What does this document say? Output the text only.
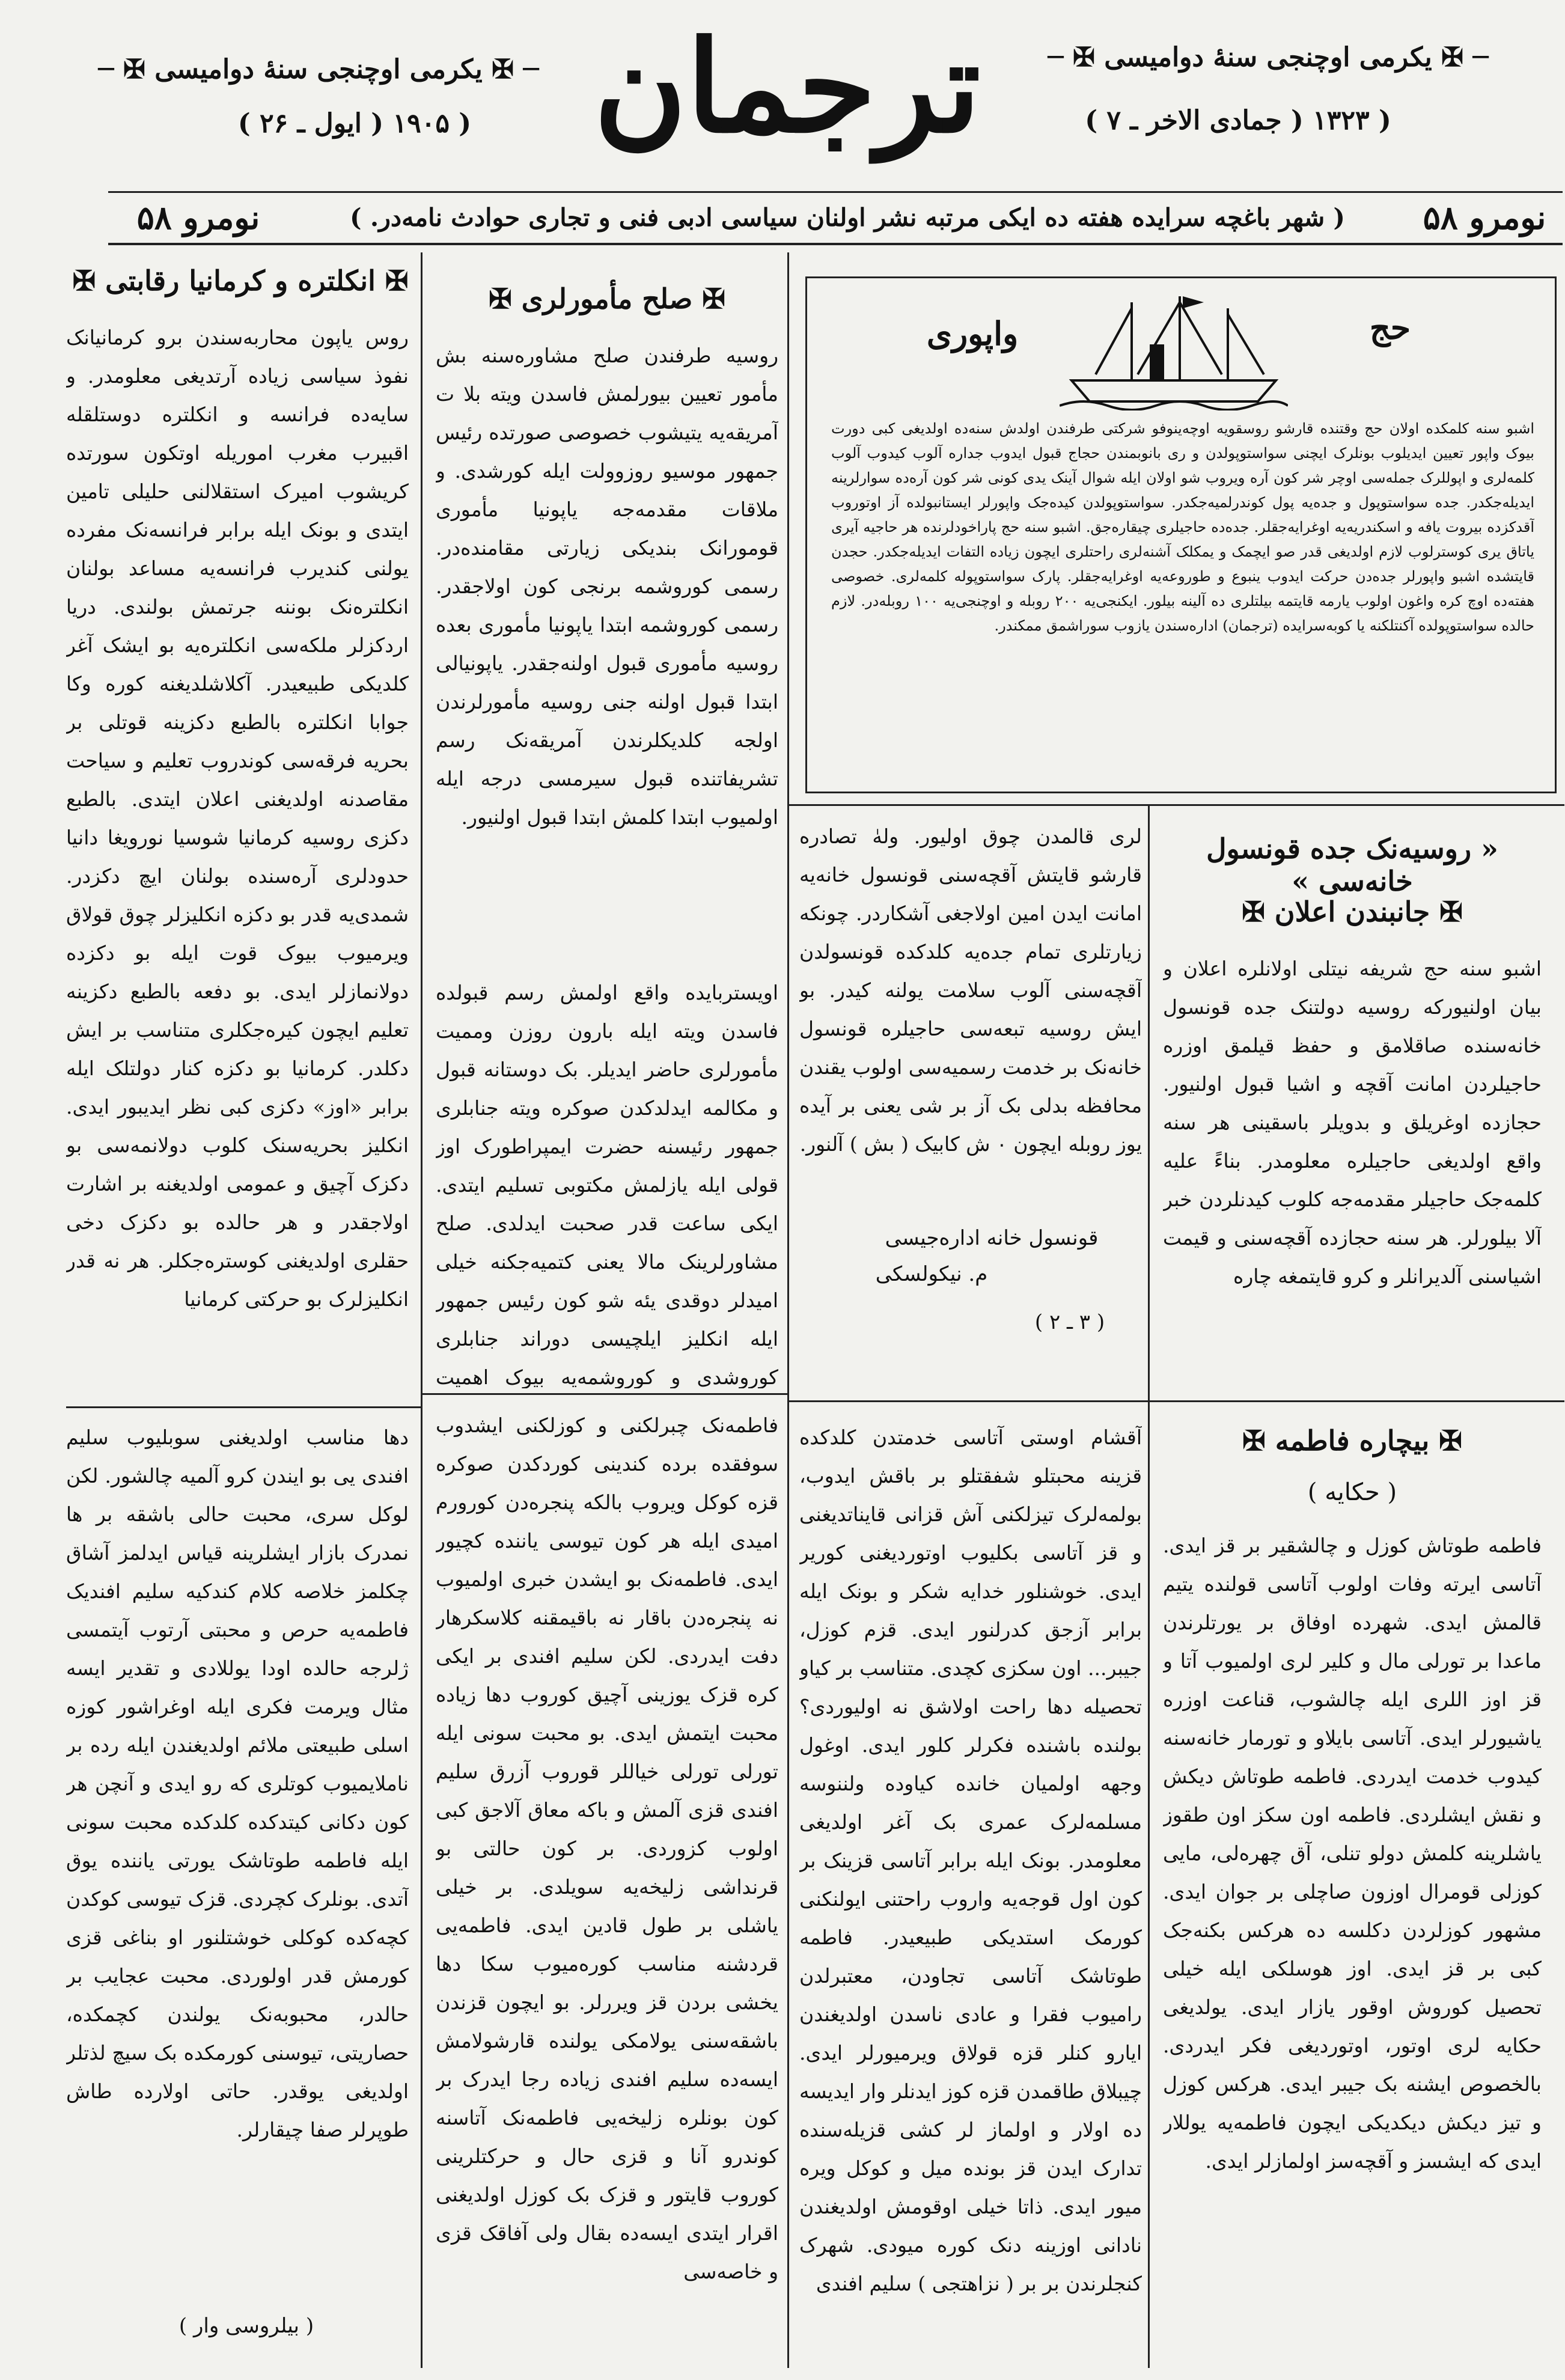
─ ✠ یکرمی اوچنجی سنهٔ دوامیسی ✠ ─	─ ✠ یکرمی اوچنجی سنهٔ دوامیسی ✠ ─
( ۱۹۰۵ ( ایول ـ ۲۶ )	( ۱۳۲۳ ( جمادی الاخر ـ ۷ )
ترجمان
نومرو ۵۸
( شهر باغچه سرایده هفته ده ایکی مرتبه نشر اولنان سیاسی ادبی فنی و تجاری حوادث نامه‌در. )
نومرو ۵۸
✠ انکلتره و کرمانیا رقابتی ✠
روس یاپون محاربه‌سندن برو کرمانیانک نفوذ سیاسی زیاده آرتدیغی معلومدر. و سایه‌ده فرانسه و انکلتره دوستلقله اقبیرب مغرب اموریله اوتکون سورتده کریشوب امیرک استقلالنی حلیلی تامین ایتدی و بونک ایله برابر فرانسه‌نک مفرده یولنی کندیرب فرانسه‌یه مساعد بولنان انکلتره‌نک بوننه جرتمش بولندی. دریا اردکزلر ملکه‌سی انکلتره‌یه بو ایشک آغر کلدیکی طبیعیدر. آکلاشلدیغنه کوره وکا جوابا انکلتره بالطبع دکزینه قوتلی بر بحریه فرقه‌سی کوندروب تعلیم و سیاحت مقاصدنه اولدیغنی اعلان ایتدی. بالطبع دکزی روسیه کرمانیا شوسیا نورویغا دانیا حدودلری آره‌سنده بولنان ایچ دکزدر. شمدی‌یه قدر بو دکزه انکلیزلر چوق قولاق ویرمیوب بیوک قوت ایله بو دکزده دولانمازلر ایدی. بو دفعه بالطبع دکزینه تعلیم ایچون کیره‌جکلری متناسب بر ایش دکلدر. کرمانیا بو دکزه کنار دولتلک ایله برابر «اوز» دکزی کبی نظر ایدیبور ایدی. انکلیز بحریه‌سنک کلوب دولانمه‌سی بو دکزک آچیق و عمومی اولدیغنه بر اشارت اولاجقدر و هر حالده بو دکزک دخی حقلری اولدیغنی کوستره‌جکلر. هر نه قدر انکلیزلرک بو حرکتی کرمانیا
دها مناسب اولدیغنی سوبلیوب سلیم افندی یی بو ایندن کرو آلمیه چالشور. لکن لوکل سری، محبت حالی باشقه بر ها نمدرک بازار ایشلرینه قیاس ایدلمز آشاق چکلمز خلاصه کلام کندکیه سلیم افندیک فاطمه‌یه حرص و محبتی آرتوب آیتمسی ژلرجه حالده اودا یوللادی و تقدیر ایسه مثال ویرمت فکری ایله اوغراشور کوزه اسلی طبیعتی ملائم اولدیغندن ایله رده بر ناملایمیوب کوتلری که رو ایدی و آنچن هر کون دکانی کیتدکده کلدکده محبت سونی ایله فاطمه طوتاشک یورتی یاننده یوق آتدی. بونلرک کچردی. قزک تیوسی کوکدن کچه‌کده کوکلی خوشتلنور او بناغی قزی کورمش قدر اولوردی. محبت عجایب بر حالدر، محبوبه‌نک یولندن کچمکده، حصاریتی، تیوسنی کورمکده بک سیچ لذتلر اولدیغی یوقدر. حاتی اولارده طاش طوپرلر صفا چیقارلر.
( بیلروسی وار )
✠ صلح مأمورلری ✠
روسیه طرفندن صلح مشاوره‌سنه بش مأمور تعیین بیورلمش فاسدن ویته بلا ت آمریقه‌یه یتیشوب خصوصی صورتده رئیس جمهور موسیو روزوولت ایله کورشدی. و ملاقات مقدمه‌جه یاپونیا مأموری قومورانک بندیکی زیارتی مقامنده‌در. رسمی کوروشمه برنجی کون اولاجقدر. رسمی کوروشمه ابتدا یاپونیا مأموری بعده روسیه مأموری قبول اولنه‌جقدر. یاپونیالی ابتدا قبول اولنه جنی روسیه مأمورلرندن اولجه کلدیکلرندن آمریقه‌نک رسم تشریفاتنده قبول سیرمسی درجه ایله اولمیوب ابتدا کلمش ابتدا قبول اولنیور.
اویستربایده واقع اولمش رسم قبولده فاسدن ویته ایله بارون روزن وممیت مأمورلری حاضر ایدیلر. بک دوستانه قبول و مکالمه ایدلدکدن صوکره ویته جنابلری جمهور رئیسنه حضرت ایمپراطورک اوز قولی ایله یازلمش مکتوبی تسلیم ایتدی. ایکی ساعت قدر صحبت ایدلدی. صلح مشاورلرینک مالا یعنی کتمیه‌جکنه خیلی امیدلر دوقدی یئه شو کون رئیس جمهور ایله انکلیز ایلچیسی دوراند جنابلری کوروشدی و کوروشمه‌یه بیوک اهمیت
فاطمه‌نک چبرلکنی و کوزلکنی ایشدوب سوفقده برده کندینی کوردکدن صوکره قزه کوکل ویروب بالکه پنجره‌دن کورورم امیدی ایله هر کون تیوسی یاننده کچیور ایدی. فاطمه‌نک بو ایشدن خبری اولمیوب نه پنجره‌دن باقار نه باقیمقنه کلاسکرهار دفت ایدردی. لکن سلیم افندی بر ایکی کره قزک یوزینی آچیق کوروب دها زیاده محبت ایتمش ایدی. بو محبت سونی ایله تورلی تورلی خیاللر قوروب آزرق سلیم افندی قزی آلمش و باکه معاق آلاجق کبی اولوب کزوردی. بر کون حالتی بو قرنداشی زلیخه‌یه سویلدی. بر خیلی یاشلی بر طول قادین ایدی. فاطمه‌یی قردشنه مناسب کوره‌میوب سکا دها یخشی بردن قز ویررلر. بو ایچون قزندن باشقه‌سنی یولامکی یولنده قارشولامش ایسه‌ده سلیم افندی زیاده رجا ایدرک بر کون بونلره زلیخه‌یی فاطمه‌نک آتاسنه کوندرو آنا و قزی حال و حرکتلرینی کوروب قایتور و قزک بک کوزل اولدیغنی اقرار ایتدی ایسه‌ده بقال ولی آفاقک قزی و خاصه‌سی
واپوری	حج
اشبو سنه کلمکده اولان حج وقتنده قارشو روسقویه اوچه‌ینوفو شرکتی طرفندن اولدش سنه‌ده اولدیغی کبی دورت بیوک واپور تعیین ایدیلوب بونلرک ایچنی سواستوپولدن و ری بانوبمندن حجاج قبول ایدوب جداره آلوب کیدوب آلوب کلمه‌لری و اپوللرک جمله‌سی اوچر شر کون آره ویروب شو اولان ایله شوال آینک یدی کونی شر کون آره‌ده سوارلرینه ایدیله‌جکدر. جده سواستوپول و جده‌یه پول کوندرلمیه‌جکدر. سواستوپولدن کیده‌جک واپورلر ایستانبولده آز اوتوروب آقدکزده بیروت یافه و اسکندریه‌یه اوغرایه‌جقلر. جده‌ده حاجیلری چیقاره‌جق. اشبو سنه حج پاراخودلرنده هر حاجیه آیری یاتاق یری کوسترلوب لازم اولدیغی قدر صو ایچمک و یمکلک آشنه‌لری راحتلری ایچون زیاده التفات ایدیله‌جکدر. حجدن قایتشده اشبو واپورلر جده‌دن حرکت ایدوب ینبوع و طوروعه‌یه اوغرایه‌جقلر. پارک سواستوپوله کلمه‌لری. خصوصی هفته‌ده اوچ کره واغون اولوب یارمه قایتمه بیلتلری ده آلینه بیلور. ایکنجی‌یه ۲۰۰ روبله و اوچنجی‌یه ۱۰۰ روبله‌در. لازم حالده سواستوپولده آکنتلکنه یا کوبه‌سرایده (ترجمان) اداره‌سندن یازوب سوراشمق ممکندر.
« روسیه‌نک جده قونسول خانه‌سی »
✠ جانبندن اعلان ✠
اشبو سنه حج شریفه نیتلی اولانلره اعلان و بیان اولنیورکه روسیه دولتنک جده قونسول خانه‌سنده صاقلامق و حفظ قیلمق اوزره حاجیلردن امانت آقچه و اشیا قبول اولنیور. حجازده اوغریلق و بدویلر باسقینی هر سنه واقع اولدیغی حاجیلره معلومدر. بناءً علیه کلمه‌جک حاجیلر مقدمه‌جه کلوب کیدنلردن خبر آلا بیلورلر. هر سنه حجازده آقچه‌سنی و قیمت اشیاسنی آلدیرانلر و کرو قایتمغه چاره
لری قالمدن چوق اولیور. ولهٰ تصادره قارشو قایتش آقچه‌سنی قونسول خانه‌یه امانت ایدن امین اولاجغی آشکاردر. چونکه زیارتلری تمام جده‌یه کلدکده قونسولدن آقچه‌سنی آلوب سلامت یولنه کیدر. بو ایش روسیه تبعه‌سی حاجیلره قونسول خانه‌نک بر خدمت رسمیه‌سی اولوب یقندن محافظه بدلی بک آز بر شی یعنی بر آیده یوز روبله ایچون ۰ ش کابیک ( بش ) آلنور.
قونسول خانه اداره‌جیسی
م. نیکولسکی
( ۳ ـ ۲ )
✠ بیچاره فاطمه ✠
( حکایه )
فاطمه طوتاش کوزل و چالشقیر بر قز ایدی. آتاسی ایرته وفات اولوب آتاسی قولنده یتیم قالمش ایدی. شهرده اوفاق بر یورتلرندن ماعدا بر تورلی مال و کلیر لری اولمیوب آتا و قز اوز اللری ایله چالشوب، قناعت اوزره یاشیورلر ایدی. آتاسی بایلاو و تورمار خانه‌سنه کیدوب خدمت ایدردی. فاطمه طوتاش دیکش و نقش ایشلردی. فاطمه اون سکز اون طقوز یاشلرینه کلمش دولو تنلی، آق چهره‌لی، مایی کوزلی قومرال اوزون صاچلی بر جوان ایدی. مشهور کوزلردن دکلسه ده هرکس بکنه‌جک کبی بر قز ایدی. اوز هوسلکی ایله خیلی تحصیل کوروش اوقور یازار ایدی. یولدیغی حکایه لری اوتور، اوتوردیغی فکر ایدردی. بالخصوص ایشنه بک جیبر ایدی. هرکس کوزل و تیز دیکش دیکدیکی ایچون فاطمه‌یه یوللار ایدی که ایشسز و آقچه‌سز اولمازلر ایدی.
آقشام اوستی آتاسی خدمتدن کلدکده قزینه محبتلو شفقتلو بر باقش ایدوب، بولمه‌لرک تیزلکنی آش قزانی قایناتدیغنی و قز آتاسی بکلیوب اوتوردیغنی کوریر ایدی. خوشنلور خدایه شکر و بونک ایله برابر آزجق کدرلنور ایدی. قزم کوزل، جیبر... اون سکزی کچدی. متناسب بر کیاو تحصیله دها راحت اولاشق نه اولیوردی؟ بولنده باشنده فکرلر کلور ایدی. اوغول وجهه اولمیان خانده کیاوده ولننوسه مسلمه‌لرک عمری بک آغر اولدیغی معلومدر. بونک ایله برابر آتاسی قزینک بر کون اول قوجه‌یه واروب راحتنی ایولنکنی کورمک استدیکی طبیعیدر. فاطمه طوتاشک آتاسی تجاودن، معتبرلدن رامیوب فقرا و عادی ناسدن اولدیغندن ایارو کنلر قزه قولاق ویرمیورلر ایدی. چیبلاق طاقمدن قزه کوز ایدنلر وار ایدیسه ده اولار و اولماز لر کشی قزیله‌سنده تدارک ایدن قز بونده میل و کوکل ویره میور ایدی. ذاتا خیلی اوقومش اولدیغندن نادانی اوزینه دنک کوره میودی. شهرک کنجلرندن بر بر ( نزاهتجی ) سلیم افندی
